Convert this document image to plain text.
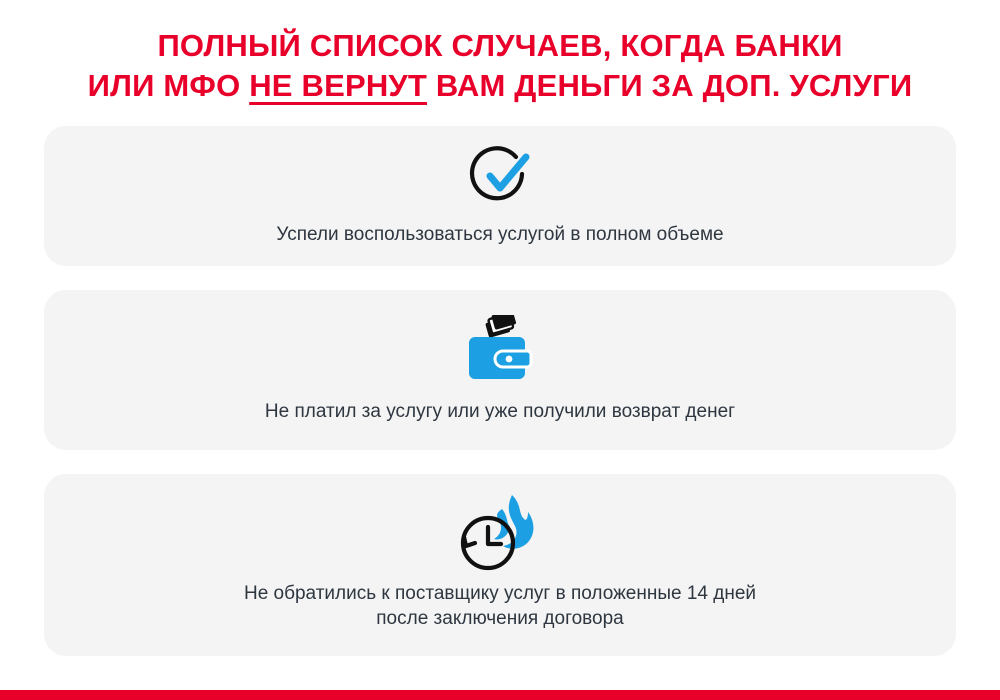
ПОЛНЫЙ СПИСОК СЛУЧАЕВ, КОГДА БАНКИ
ИЛИ МФО НЕ ВЕРНУТ ВАМ ДЕНЬГИ ЗА ДОП. УСЛУГИ
Успели воспользоваться услугой в полном объеме
Не платил за услугу или уже получили возврат денег
Не обратились к поставщику услуг в положенные 14 дней
после заключения договора
